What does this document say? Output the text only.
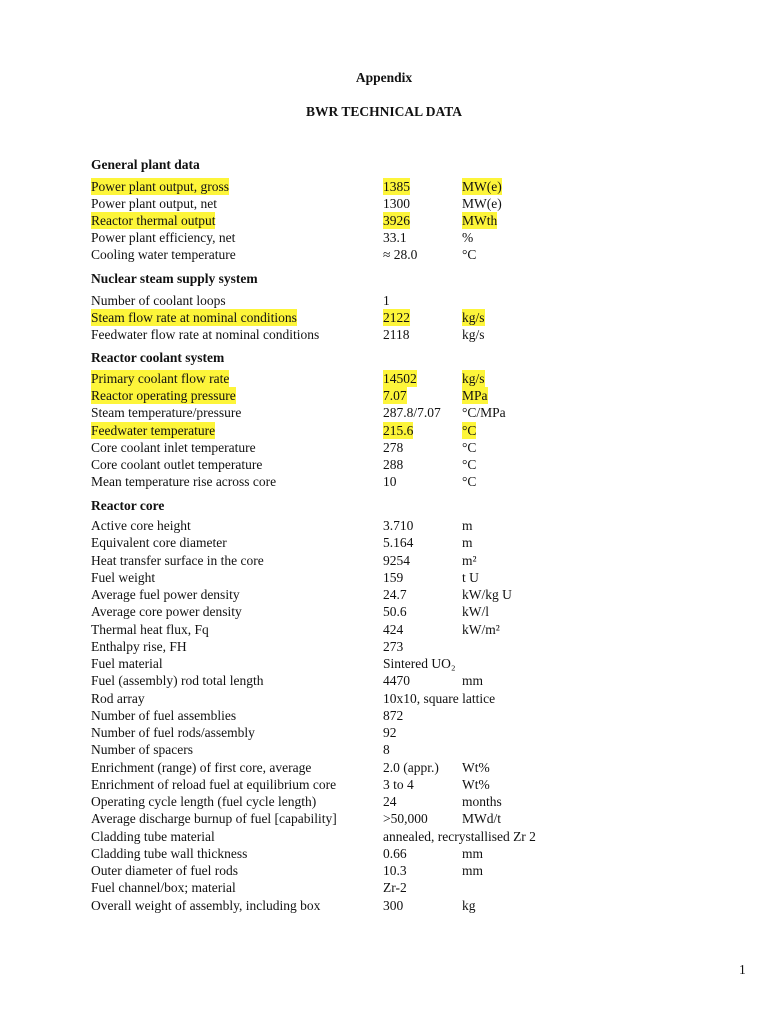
Appendix
BWR TECHNICAL DATA
General plant data
Power plant output, gross	1385	MW(e)
Power plant output, net	1300	MW(e)
Reactor thermal output	3926	MWth
Power plant efficiency, net	33.1	%
Cooling water temperature	≈ 28.0	°C
Nuclear steam supply system
Number of coolant loops	1
Steam flow rate at nominal conditions	2122	kg/s
Feedwater flow rate at nominal conditions	2118	kg/s
Reactor coolant system
Primary coolant flow rate	14502	kg/s
Reactor operating pressure	7.07	MPa
Steam temperature/pressure	287.8/7.07 °C/MPa
Feedwater temperature	215.6	°C
Core coolant inlet temperature	278	°C
Core coolant outlet temperature	288	°C
Mean temperature rise across core	10	°C
Reactor core
Active core height	3.710	m
Equivalent core diameter	5.164	m
Heat transfer surface in the core	9254	m²
Fuel weight	159	t U
Average fuel power density	24.7	kW/kg U
Average core power density	50.6	kW/l
Thermal heat flux, Fq	424	kW/m²
Enthalpy rise, FH	273
Fuel material	Sintered UO₂
Fuel (assembly) rod total length	4470	mm
Rod array	10x10, square lattice
Number of fuel assemblies	872
Number of fuel rods/assembly	92
Number of spacers	8
Enrichment (range) of first core, average	2.0 (appr.) Wt%
Enrichment of reload fuel at equilibrium core	3 to 4	Wt%
Operating cycle length (fuel cycle length)	24	months
Average discharge burnup of fuel [capability]	>50,000	MWd/t
Cladding tube material	annealed, recrystallised Zr 2
Cladding tube wall thickness	0.66	mm
Outer diameter of fuel rods	10.3	mm
Fuel channel/box; material	Zr-2
Overall weight of assembly, including box	300	kg
1
